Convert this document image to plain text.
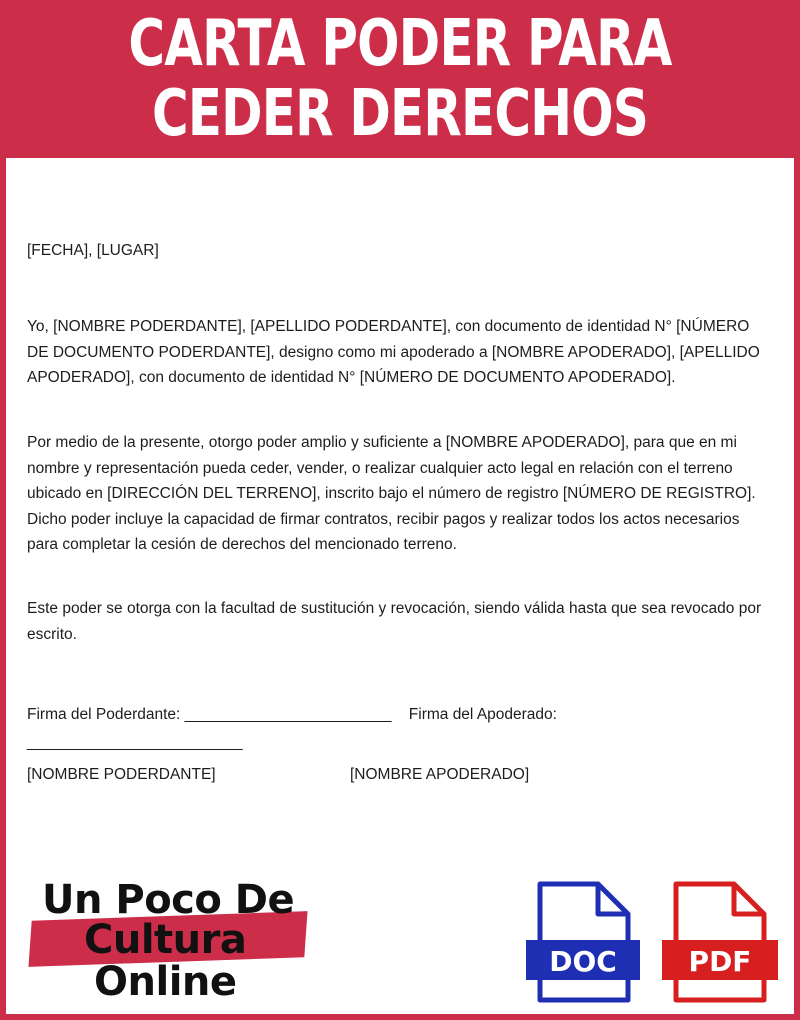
CARTA PODER PARA CEDER DERECHOS
[FECHA], [LUGAR]
Yo, [NOMBRE PODERDANTE], [APELLIDO PODERDANTE], con documento de identidad N° [NÚMERO DE DOCUMENTO PODERDANTE], designo como mi apoderado a [NOMBRE APODERADO], [APELLIDO APODERADO], con documento de identidad N° [NÚMERO DE DOCUMENTO APODERADO].
Por medio de la presente, otorgo poder amplio y suficiente a [NOMBRE APODERADO], para que en mi nombre y representación pueda ceder, vender, o realizar cualquier acto legal en relación con el terreno ubicado en [DIRECCIÓN DEL TERRENO], inscrito bajo el número de registro [NÚMERO DE REGISTRO]. Dicho poder incluye la capacidad de firmar contratos, recibir pagos y realizar todos los actos necesarios para completar la cesión de derechos del mencionado terreno.
Este poder se otorga con la facultad de sustitución y revocación, siendo válida hasta que sea revocado por escrito.
Firma del Poderdante: ________________________    Firma del Apoderado:
_________________________
[NOMBRE PODERDANTE]	[NOMBRE APODERADO]
Un Poco De
Cultura
Online	DOC	PDF
